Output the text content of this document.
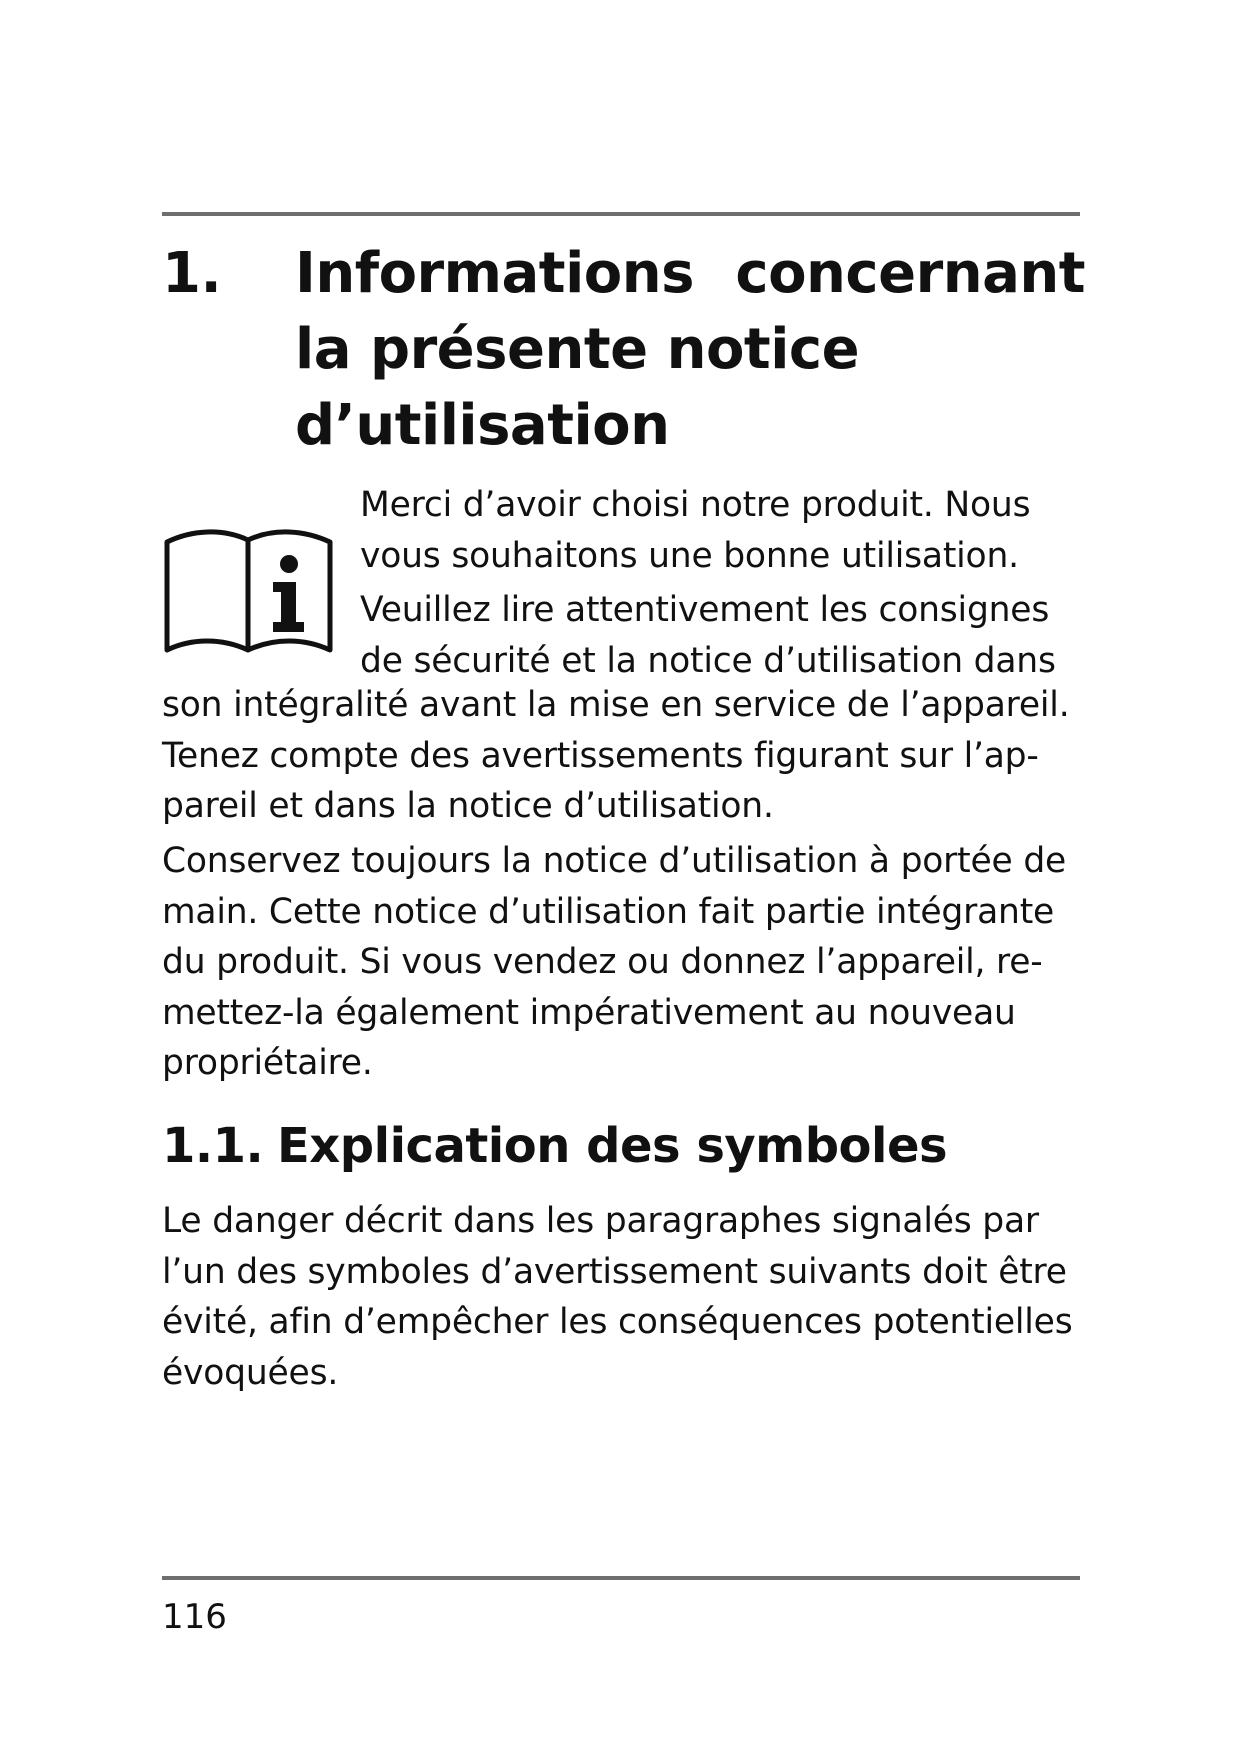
1. Informations concernant
la présente notice
d’utilisation

Merci d’avoir choisi notre produit. Nous
vous souhaitons une bonne utilisation.

Veuillez lire attentivement les consignes
de sécurité et la notice d’utilisation dans

son intégralité avant la mise en service de l’appareil.
Tenez compte des avertissements figurant sur l’ap-
pareil et dans la notice d’utilisation.

Conservez toujours la notice d’utilisation à portée de
main. Cette notice d’utilisation fait partie intégrante
du produit. Si vous vendez ou donnez l’appareil, re-
mettez-la également impérativement au nouveau
propriétaire.

1.1. Explication des symboles

Le danger décrit dans les paragraphes signalés par
l’un des symboles d’avertissement suivants doit être
évité, afin d’empêcher les conséquences potentielles
évoquées.

116
